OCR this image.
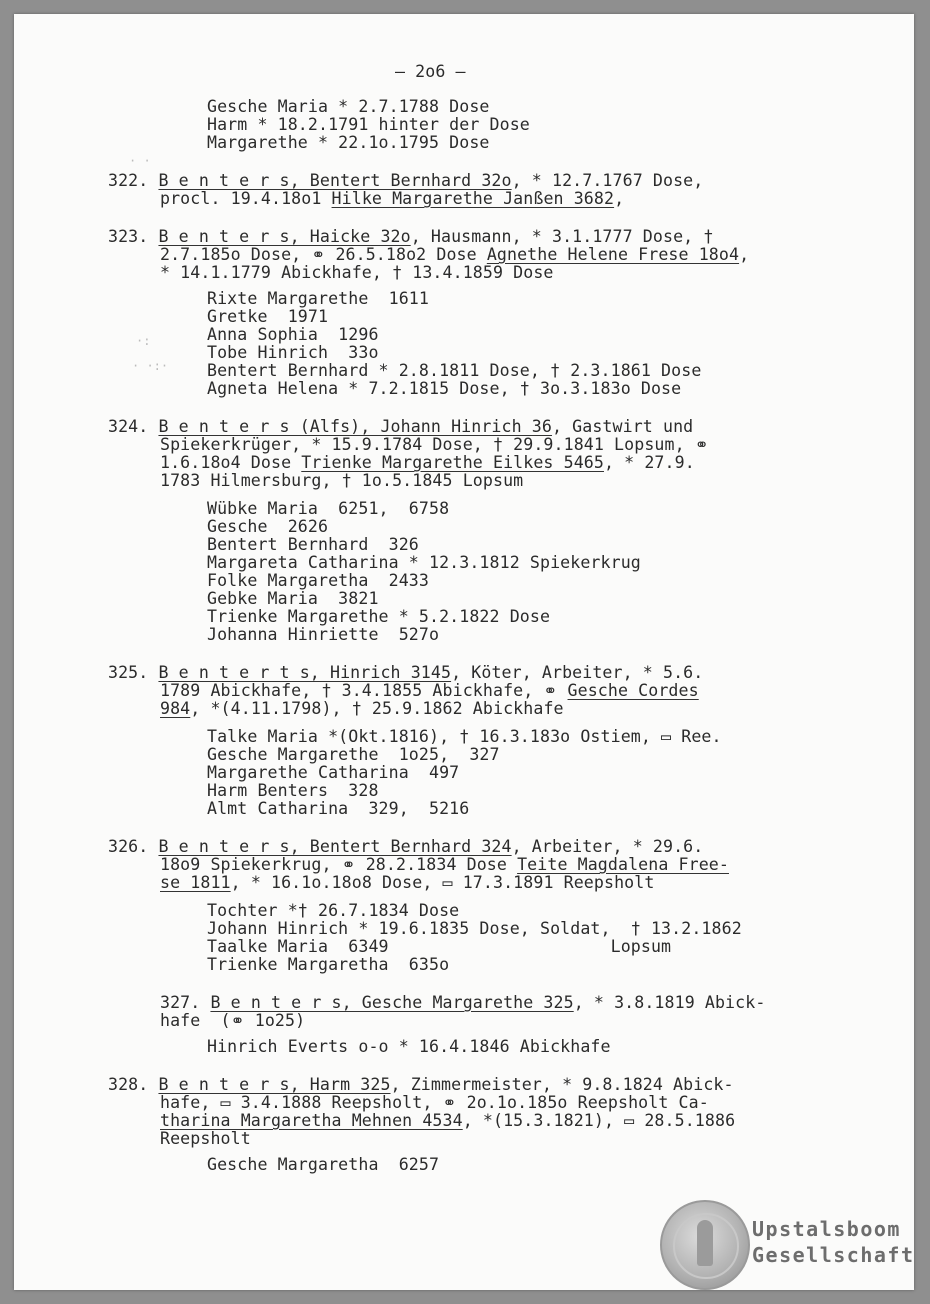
– 2o6 –
Gesche Maria * 2.7.1788 Dose
Harm * 18.2.1791 hinter der Dose
Margarethe * 22.1o.1795 Dose
322. B e n t e r s, Bentert Bernhard 32o, * 12.7.1767 Dose,
procl. 19.4.18o1 Hilke Margarethe Janßen 3682,
323. B e n t e r s, Haicke 32o, Hausmann, * 3.1.1777 Dose, †
2.7.185o Dose, ⚭ 26.5.18o2 Dose Agnethe Helene Frese 18o4,
* 14.1.1779 Abickhafe, † 13.4.1859 Dose
Rixte Margarethe  1611
Gretke  1971
Anna Sophia  1296
Tobe Hinrich  33o
Bentert Bernhard * 2.8.1811 Dose, † 2.3.1861 Dose
Agneta Helena * 7.2.1815 Dose, † 3o.3.183o Dose
324. B e n t e r s (Alfs), Johann Hinrich 36, Gastwirt und
Spiekerkrüger, * 15.9.1784 Dose, † 29.9.1841 Lopsum, ⚭
1.6.18o4 Dose Trienke Margarethe Eilkes 5465, * 27.9.
1783 Hilmersburg, † 1o.5.1845 Lopsum
Wübke Maria  6251,  6758
Gesche  2626
Bentert Bernhard  326
Margareta Catharina * 12.3.1812 Spiekerkrug
Folke Margaretha  2433
Gebke Maria  3821
Trienke Margarethe * 5.2.1822 Dose
Johanna Hinriette  527o
325. B e n t e r t s, Hinrich 3145, Köter, Arbeiter, * 5.6.
1789 Abickhafe, † 3.4.1855 Abickhafe, ⚭ Gesche Cordes
984, *(4.11.1798), † 25.9.1862 Abickhafe
Talke Maria *(Okt.1816), † 16.3.183o Ostiem, ▭ Ree.
Gesche Margarethe  1o25,  327
Margarethe Catharina  497
Harm Benters  328
Almt Catharina  329,  5216
326. B e n t e r s, Bentert Bernhard 324, Arbeiter, * 29.6.
18o9 Spiekerkrug, ⚭ 28.2.1834 Dose Teite Magdalena Free-
se 1811, * 16.1o.18o8 Dose, ▭ 17.3.1891 Reepsholt
Tochter *† 26.7.1834 Dose
Johann Hinrich * 19.6.1835 Dose, Soldat,  † 13.2.1862
Taalke Maria  6349                      Lopsum
Trienke Margaretha  635o
327. B e n t e r s, Gesche Margarethe 325, * 3.8.1819 Abick-
hafe  (⚭ 1o25)
Hinrich Everts o-o * 16.4.1846 Abickhafe
328. B e n t e r s, Harm 325, Zimmermeister, * 9.8.1824 Abick-
hafe, ▭ 3.4.1888 Reepsholt, ⚭ 2o.1o.185o Reepsholt Ca-
tharina Margaretha Mehnen 4534, *(15.3.1821), ▭ 28.5.1886
Reepsholt
Gesche Margaretha  6257
· ·
·:
· ·:·
Upstalsboom
Gesellschaft
